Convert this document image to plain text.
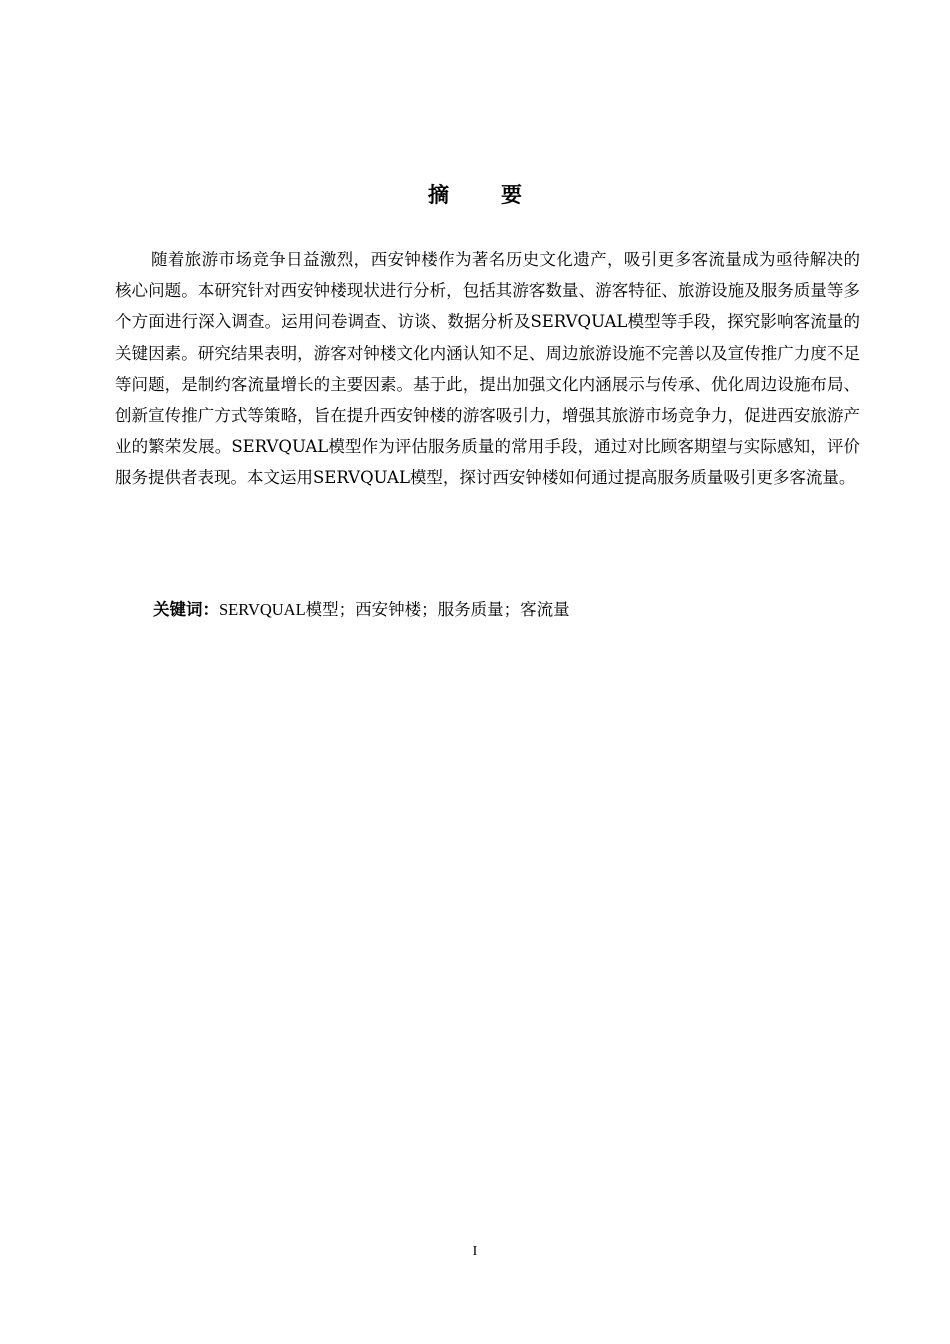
摘要

随着旅游市场竞争日益激烈，西安钟楼作为著名历史文化遗产，吸引更多客流量成为亟待解决的核心问题。本研究针对西安钟楼现状进行分析，包括其游客数量、游客特征、旅游设施及服务质量等多个方面进行深入调查。运用问卷调查、访谈、数据分析及SERVQUAL模型等手段，探究影响客流量的关键因素。研究结果表明，游客对钟楼文化内涵认知不足、周边旅游设施不完善以及宣传推广力度不足等问题，是制约客流量增长的主要因素。基于此，提出加强文化内涵展示与传承、优化周边设施布局、创新宣传推广方式等策略，旨在提升西安钟楼的游客吸引力，增强其旅游市场竞争力，促进西安旅游产业的繁荣发展。SERVQUAL模型作为评估服务质量的常用手段，通过对比顾客期望与实际感知，评价服务提供者表现。本文运用SERVQUAL模型，探讨西安钟楼如何通过提高服务质量吸引更多客流量。

关键词：SERVQUAL模型；西安钟楼；服务质量；客流量
I
